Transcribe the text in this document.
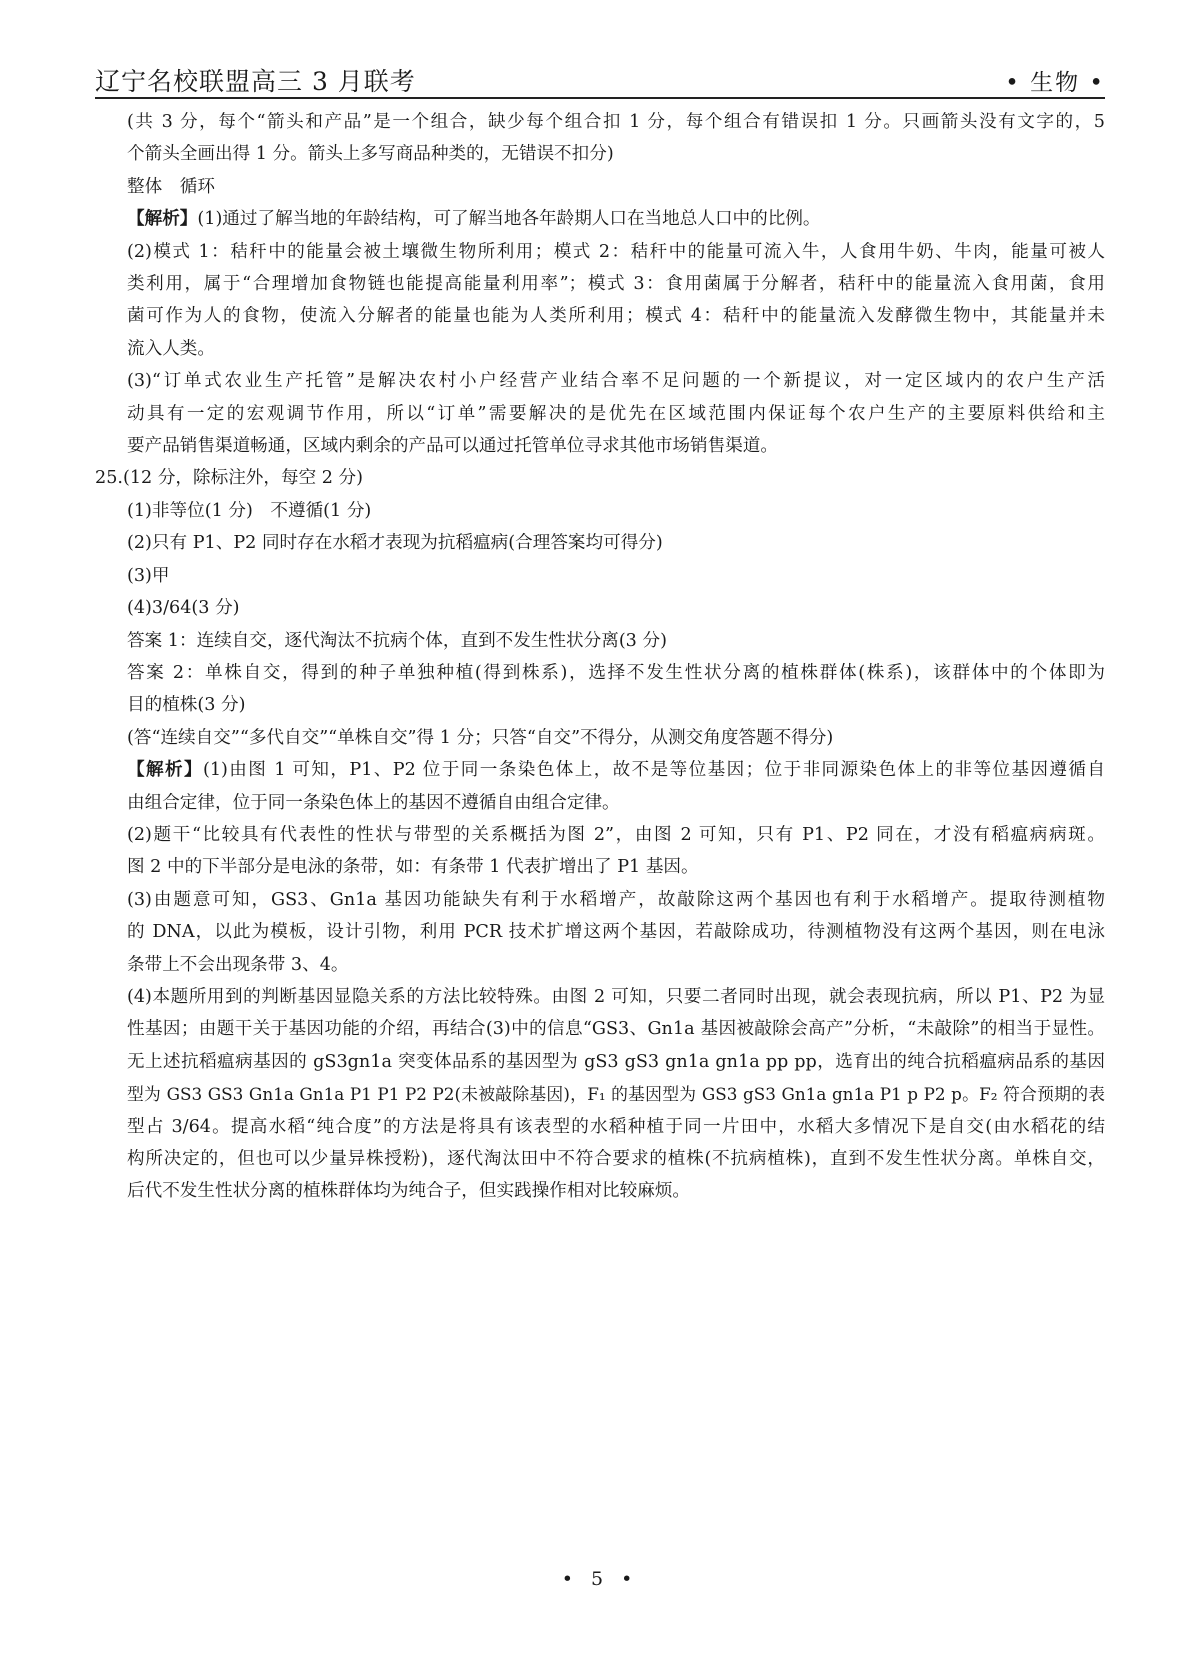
辽宁名校联盟高三 3 月联考	• 生物 •
(共 3 分，每个“箭头和产品”是一个组合，缺少每个组合扣 1 分，每个组合有错误扣 1 分。只画箭头没有文字的，5
个箭头全画出得 1 分。箭头上多写商品种类的，无错误不扣分)
整体　循环
【解析】(1)通过了解当地的年龄结构，可了解当地各年龄期人口在当地总人口中的比例。
(2)模式 1：秸秆中的能量会被土壤微生物所利用；模式 2：秸秆中的能量可流入牛，人食用牛奶、牛肉，能量可被人
类利用，属于“合理增加食物链也能提高能量利用率”；模式 3：食用菌属于分解者，秸秆中的能量流入食用菌，食用
菌可作为人的食物，使流入分解者的能量也能为人类所利用；模式 4：秸秆中的能量流入发酵微生物中，其能量并未
流入人类。
(3)“订单式农业生产托管”是解决农村小户经营产业结合率不足问题的一个新提议，对一定区域内的农户生产活
动具有一定的宏观调节作用，所以“订单”需要解决的是优先在区域范围内保证每个农户生产的主要原料供给和主
要产品销售渠道畅通，区域内剩余的产品可以通过托管单位寻求其他市场销售渠道。
25.(12 分，除标注外，每空 2 分)
(1)非等位(1 分)　不遵循(1 分)
(2)只有 P1、P2 同时存在水稻才表现为抗稻瘟病(合理答案均可得分)
(3)甲
(4)3/64(3 分)
答案 1：连续自交，逐代淘汰不抗病个体，直到不发生性状分离(3 分)
答案 2：单株自交，得到的种子单独种植(得到株系)，选择不发生性状分离的植株群体(株系)，该群体中的个体即为
目的植株(3 分)
(答“连续自交”“多代自交”“单株自交”得 1 分；只答“自交”不得分，从测交角度答题不得分)
【解析】(1)由图 1 可知，P1、P2 位于同一条染色体上，故不是等位基因；位于非同源染色体上的非等位基因遵循自
由组合定律，位于同一条染色体上的基因不遵循自由组合定律。
(2)题干“比较具有代表性的性状与带型的关系概括为图 2”，由图 2 可知，只有 P1、P2 同在，才没有稻瘟病病斑。
图 2 中的下半部分是电泳的条带，如：有条带 1 代表扩增出了 P1 基因。
(3)由题意可知，GS3、Gn1a 基因功能缺失有利于水稻增产，故敲除这两个基因也有利于水稻增产。提取待测植物
的 DNA，以此为模板，设计引物，利用 PCR 技术扩增这两个基因，若敲除成功，待测植物没有这两个基因，则在电泳
条带上不会出现条带 3、4。
(4)本题所用到的判断基因显隐关系的方法比较特殊。由图 2 可知，只要二者同时出现，就会表现抗病，所以 P1、P2 为显
性基因；由题干关于基因功能的介绍，再结合(3)中的信息“GS3、Gn1a 基因被敲除会高产”分析，“未敲除”的相当于显性。
无上述抗稻瘟病基因的 gS3gn1a 突变体品系的基因型为 gS3 gS3 gn1a gn1a pp pp，选育出的纯合抗稻瘟病品系的基因
型为 GS3 GS3 Gn1a Gn1a P1 P1 P2 P2(未被敲除基因)，F₁ 的基因型为 GS3 gS3 Gn1a gn1a P1 p P2 p。F₂ 符合预期的表
型占 3/64。提高水稻“纯合度”的方法是将具有该表型的水稻种植于同一片田中，水稻大多情况下是自交(由水稻花的结
构所决定的，但也可以少量异株授粉)，逐代淘汰田中不符合要求的植株(不抗病植株)，直到不发生性状分离。单株自交，
后代不发生性状分离的植株群体均为纯合子，但实践操作相对比较麻烦。
• 5 •
